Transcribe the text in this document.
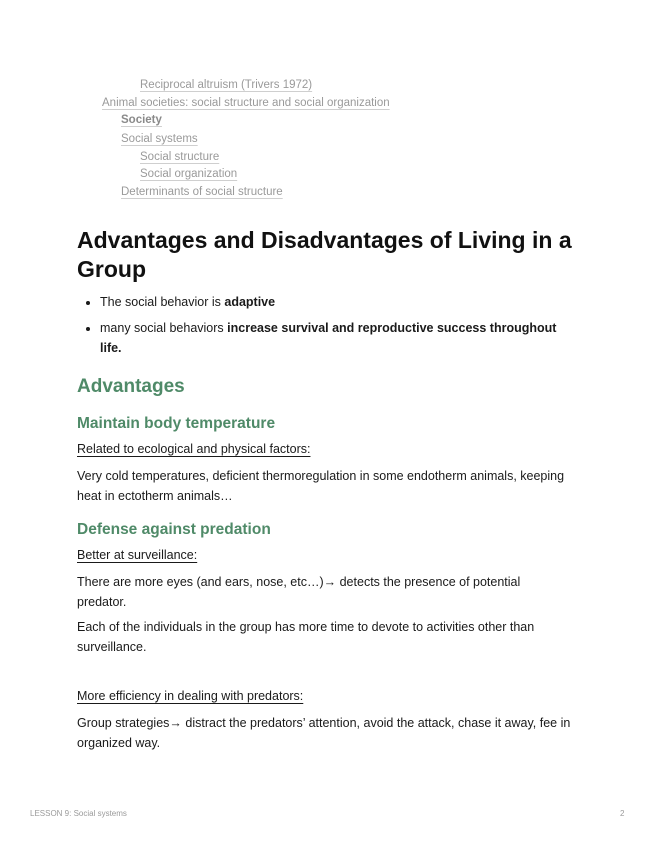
Reciprocal altruism (Trivers 1972)
Animal societies: social structure and social organization
Society
Social systems
Social structure
Social organization
Determinants of social structure
Advantages and Disadvantages of Living in a Group
• The social behavior is adaptive
• many social behaviors increase survival and reproductive success throughout life.
Advantages
Maintain body temperature
Related to ecological and physical factors:

Very cold temperatures, deficient thermoregulation in some endotherm animals, keeping heat in ectotherm animals…

Defense against predation
Better at surveillance:

There are more eyes (and ears, nose, etc…)→ detects the presence of potential predator.

Each of the individuals in the group has more time to devote to activities other than surveillance.

More efficiency in dealing with predators:

Group strategies→ distract the predators’ attention, avoid the attack, chase it away, fee in organized way.

LESSON 9: Social systems	2
